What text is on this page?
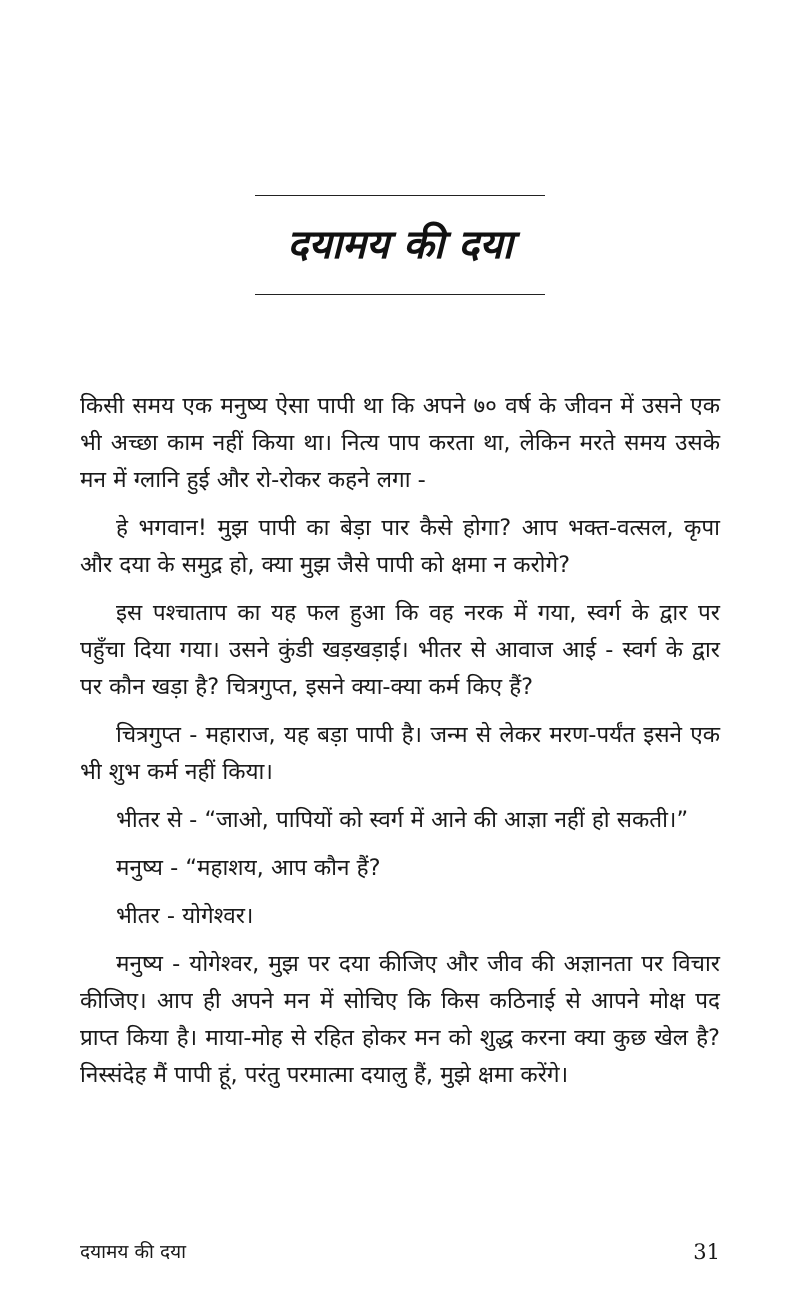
दयामय की दया

किसी समय एक मनुष्य ऐसा पापी था कि अपने ७० वर्ष के जीवन में उसने एक भी अच्छा काम नहीं किया था। नित्य पाप करता था, लेकिन मरते समय उसके मन में ग्लानि हुई और रो-रोकर कहने लगा -

हे भगवान! मुझ पापी का बेड़ा पार कैसे होगा? आप भक्त-वत्सल, कृपा और दया के समुद्र हो, क्या मुझ जैसे पापी को क्षमा न करोगे?

इस पश्चाताप का यह फल हुआ कि वह नरक में गया, स्वर्ग के द्वार पर पहुँचा दिया गया। उसने कुंडी खड़खड़ाई। भीतर से आवाज आई - स्वर्ग के द्वार पर कौन खड़ा है? चित्रगुप्त, इसने क्या-क्या कर्म किए हैं?

चित्रगुप्त - महाराज, यह बड़ा पापी है। जन्म से लेकर मरण-पर्यंत इसने एक भी शुभ कर्म नहीं किया।

भीतर से - “जाओ, पापियों को स्वर्ग में आने की आज्ञा नहीं हो सकती।”

मनुष्य - “महाशय, आप कौन हैं?

भीतर - योगेश्वर।

मनुष्य - योगेश्वर, मुझ पर दया कीजिए और जीव की अज्ञानता पर विचार कीजिए। आप ही अपने मन में सोचिए कि किस कठिनाई से आपने मोक्ष पद प्राप्त किया है। माया-मोह से रहित होकर मन को शुद्ध करना क्या कुछ खेल है? निस्संदेह मैं पापी हूं, परंतु परमात्मा दयालु हैं, मुझे क्षमा करेंगे।

दयामय की दया	31
